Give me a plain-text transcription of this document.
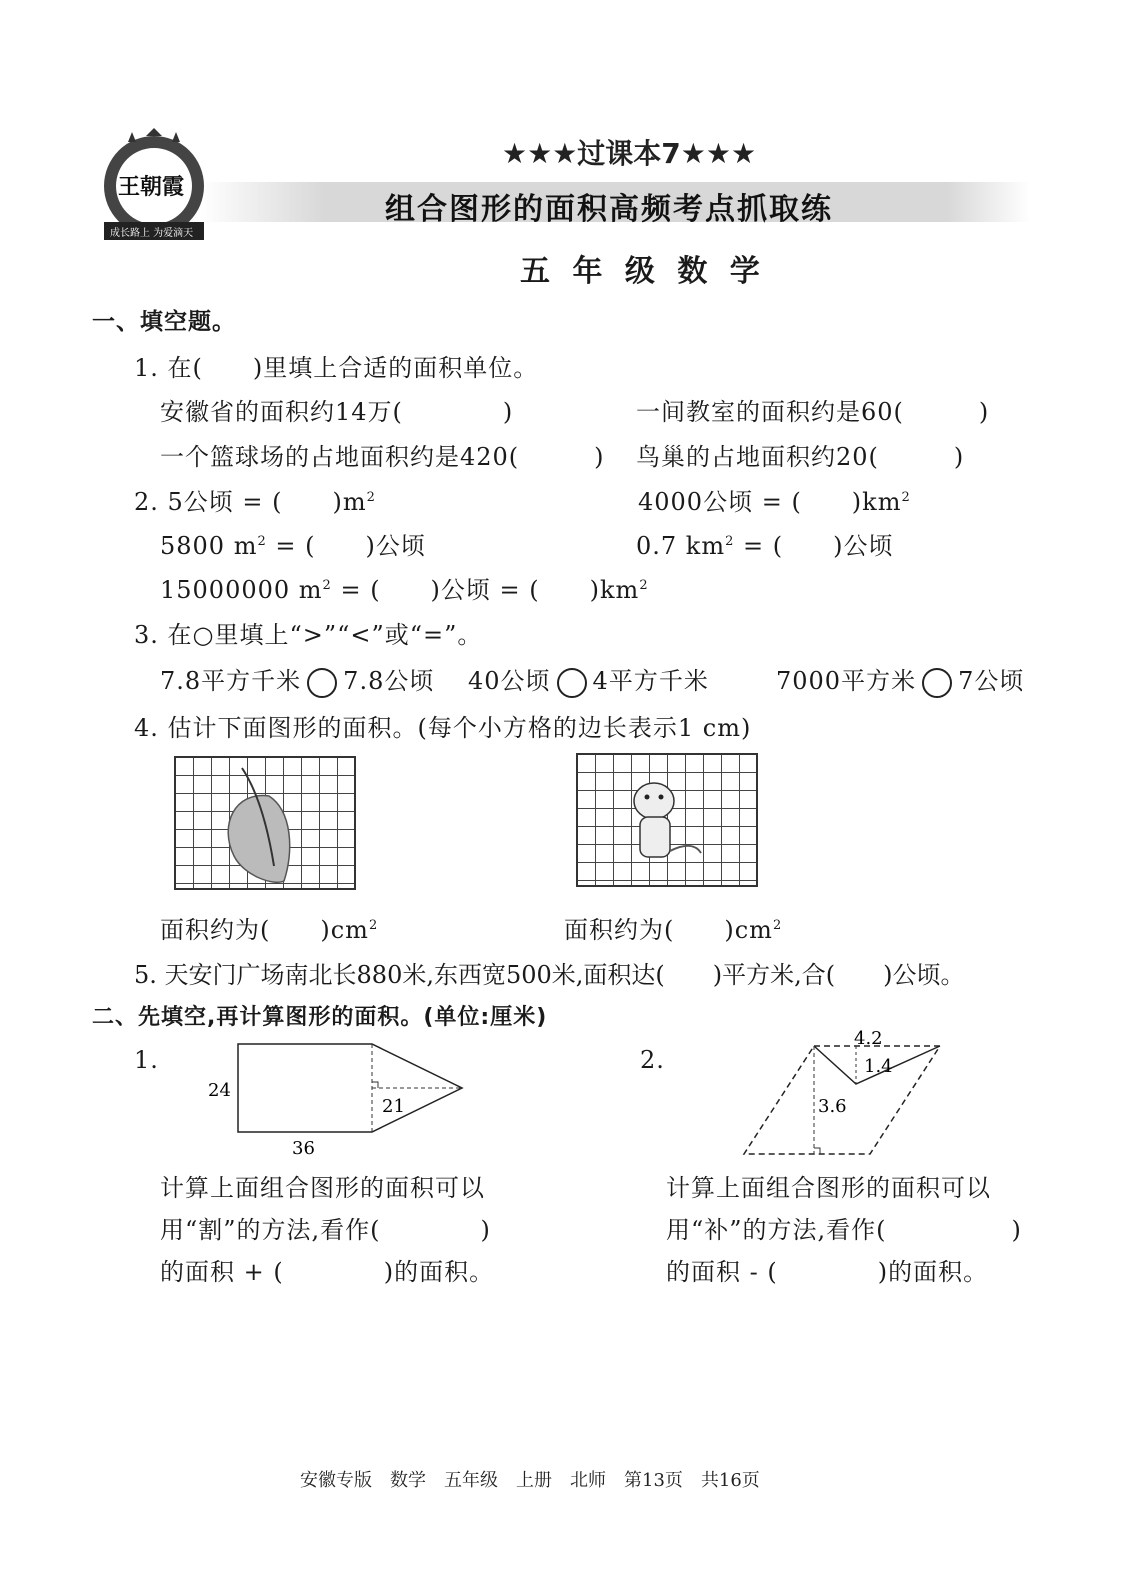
王朝霞
成长路上 为爱滴天
★★★过课本7★★★
组合图形的面积高频考点抓取练
五 年 级 数 学
一、填空题。
1. 在(　　)里填上合适的面积单位。
安徽省的面积约14万(　　　　)	一间教室的面积约是60(　　　)
一个篮球场的占地面积约是420(　　　) 鸟巢的占地面积约20(　　　)
2. 5公顷 = (　　)$m^2$	4000公顷 = (　　)$km^2$
5800 $m^2$ = (　　)公顷	0.7 $km^2$ = (　　)公顷
15000000 $m^2$ = (　　)公顷 = (　　)$km^2$
3. 在○里填上“>”“<”或“=”。
7.8平方千米 7.8公顷 40公顷 4平方千米	7000平方米 7公顷
4. 估计下面图形的面积。(每个小方格的边长表示1 cm)
面积约为(　　)$cm^2$	面积约为(　　)$cm^2$
5. 天安门广场南北长880米,东西宽500米,面积达(　　)平方米,合(　　)公顷。
二、先填空,再计算图形的面积。(单位:厘米)
1.
24
21
36
计算上面组合图形的面积可以
用“割”的方法,看作(　　　　)
的面积 + (　　　　)的面积。
2.
4.2
1.4
3.6
计算上面组合图形的面积可以
用“补”的方法,看作(　　　　　)
的面积 - (　　　　)的面积。
安徽专版　数学　五年级　上册　北师　第13页　共16页
